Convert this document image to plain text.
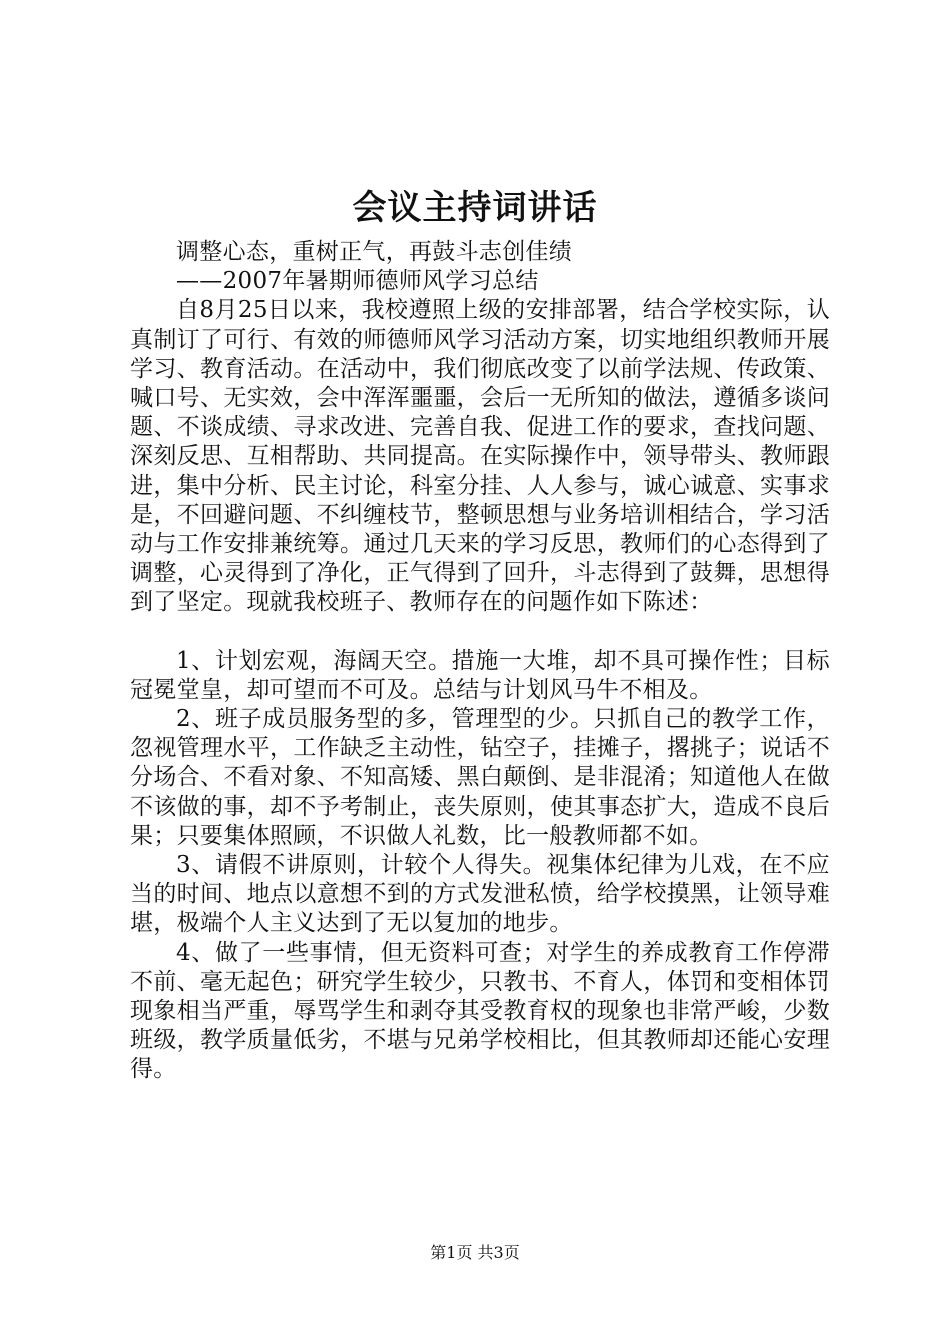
会议主持词讲话

调整心态，重树正气，再鼓斗志创佳绩

——2007年暑期师德师风学习总结

自8月25日以来，我校遵照上级的安排部署，结合学校实际，认真制订了可行、有效的师德师风学习活动方案，切实地组织教师开展学习、教育活动。在活动中，我们彻底改变了以前学法规、传政策、喊口号、无实效，会中浑浑噩噩，会后一无所知的做法，遵循多谈问题、不谈成绩、寻求改进、完善自我、促进工作的要求，查找问题、深刻反思、互相帮助、共同提高。在实际操作中，领导带头、教师跟进，集中分析、民主讨论，科室分挂、人人参与，诚心诚意、实事求是，不回避问题、不纠缠枝节，整顿思想与业务培训相结合，学习活动与工作安排兼统筹。通过几天来的学习反思，教师们的心态得到了调整，心灵得到了净化，正气得到了回升，斗志得到了鼓舞，思想得到了坚定。现就我校班子、教师存在的问题作如下陈述：

1、计划宏观，海阔天空。措施一大堆，却不具可操作性；目标冠冕堂皇，却可望而不可及。总结与计划风马牛不相及。

2、班子成员服务型的多，管理型的少。只抓自己的教学工作，忽视管理水平，工作缺乏主动性，钻空子，挂摊子，撂挑子；说话不分场合、不看对象、不知高矮、黑白颠倒、是非混淆；知道他人在做不该做的事，却不予考制止，丧失原则，使其事态扩大，造成不良后果；只要集体照顾，不识做人礼数，比一般教师都不如。

3、请假不讲原则，计较个人得失。视集体纪律为儿戏，在不应当的时间、地点以意想不到的方式发泄私愤，给学校摸黑，让领导难堪，极端个人主义达到了无以复加的地步。

4、做了一些事情，但无资料可查；对学生的养成教育工作停滞不前、毫无起色；研究学生较少，只教书、不育人，体罚和变相体罚现象相当严重，辱骂学生和剥夺其受教育权的现象也非常严峻，少数班级，教学质量低劣，不堪与兄弟学校相比，但其教师却还能心安理得。

第1页 共3页
